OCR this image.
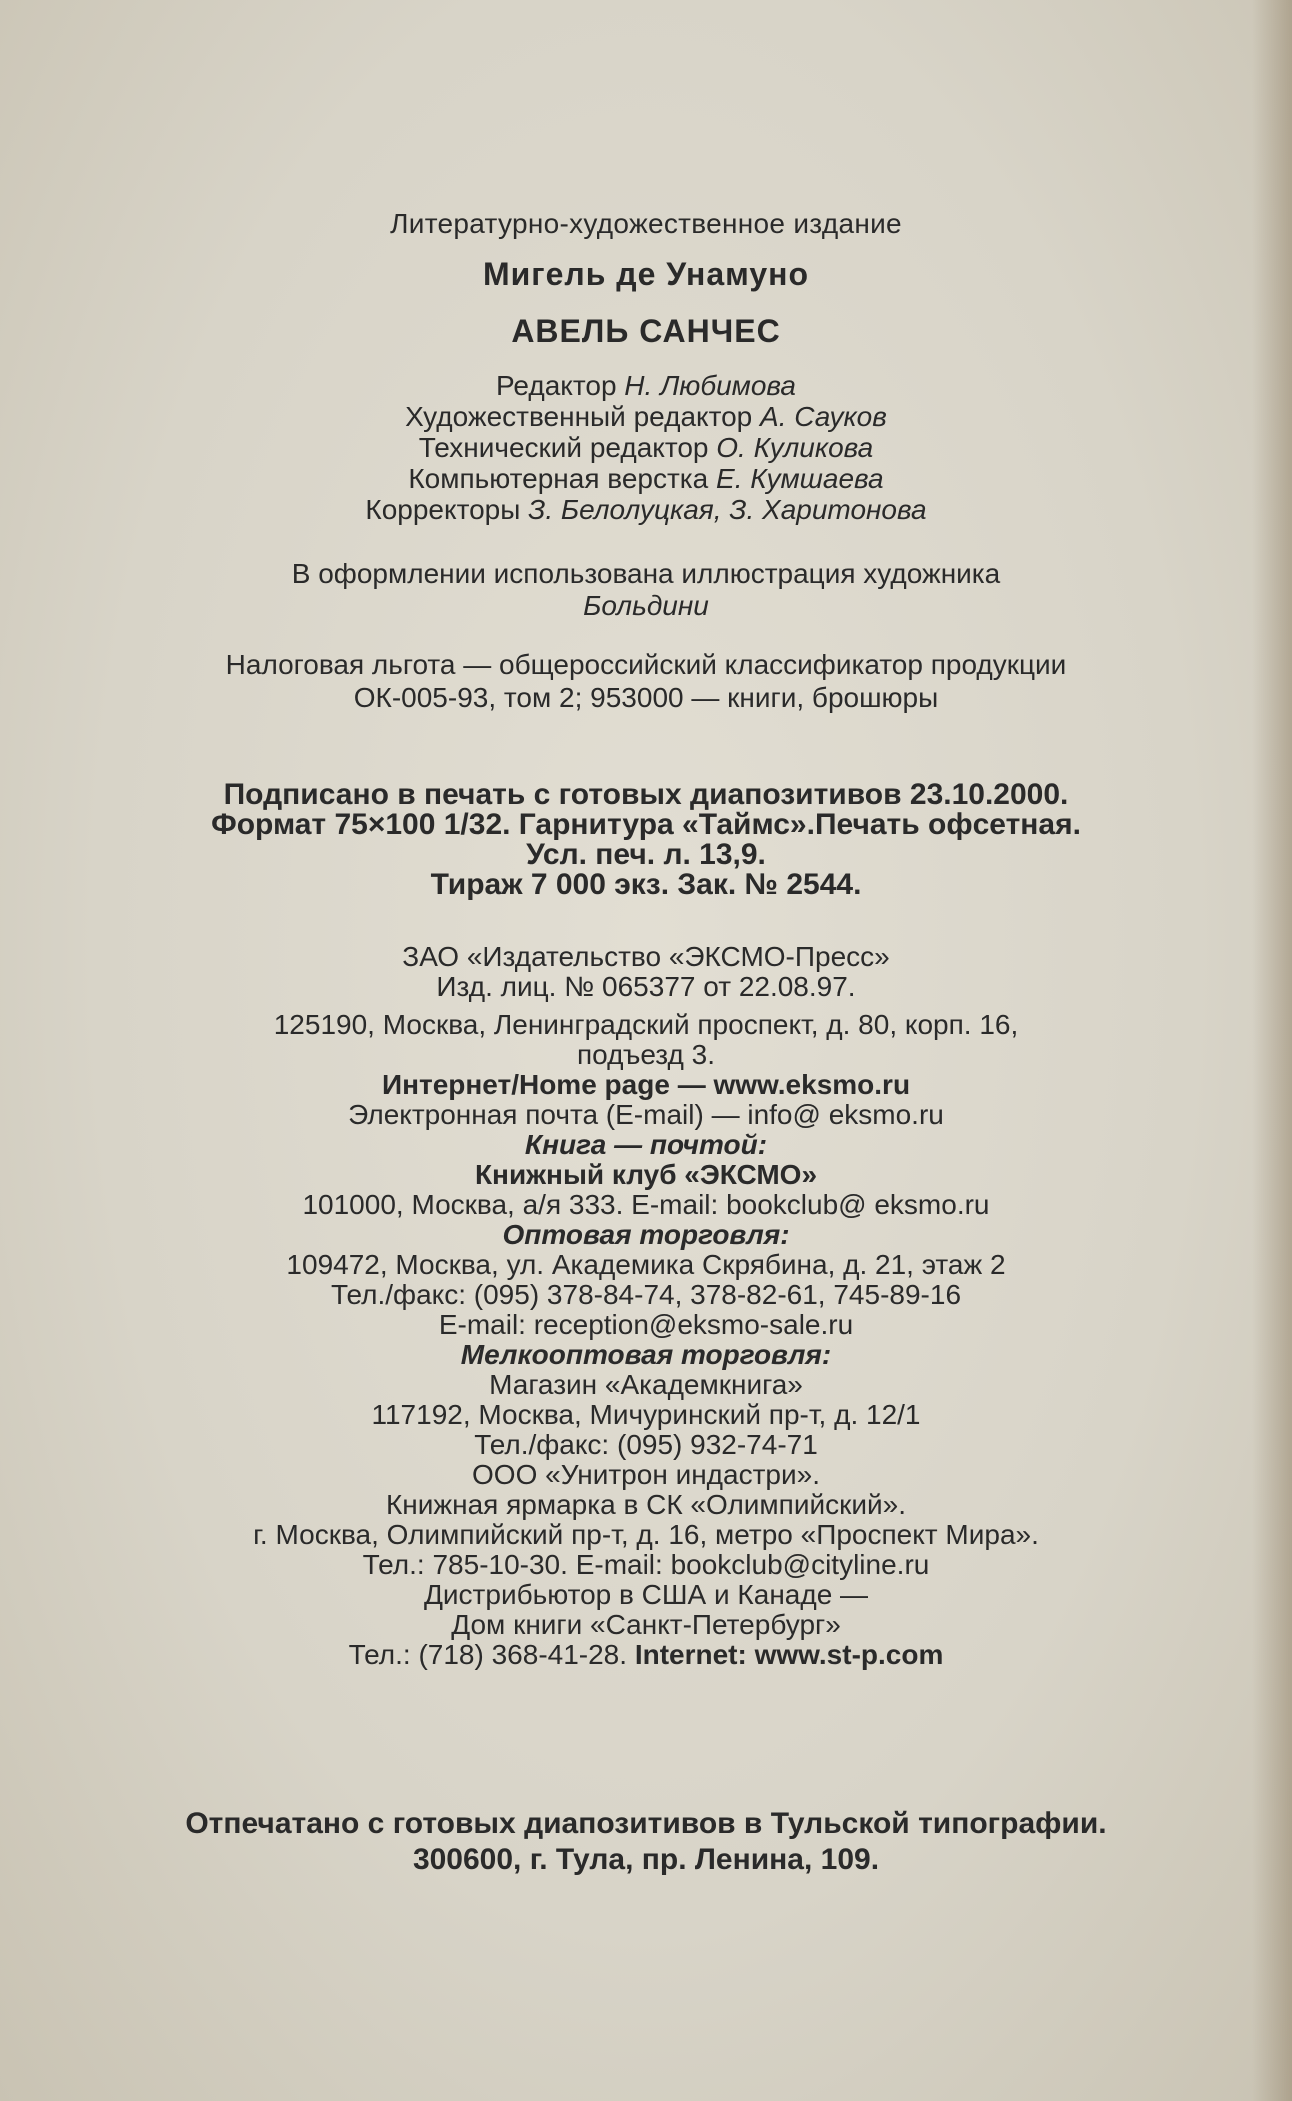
Литературно-художественное издание
Мигель де Унамуно
АВЕЛЬ САНЧЕС
Редактор Н. Любимова
Художественный редактор А. Сауков
Технический редактор О. Куликова
Компьютерная верстка Е. Кумшаева
Корректоры З. Белолуцкая, З. Харитонова
В оформлении использована иллюстрация художника
Больдини
Налоговая льгота — общероссийский классификатор продукции
ОК-005-93, том 2; 953000 — книги, брошюры
Подписано в печать с готовых диапозитивов 23.10.2000.
Формат 75×100 1/32. Гарнитура «Таймс».Печать офсетная.
Усл. печ. л. 13,9.
Тираж 7 000 экз. Зак. № 2544.
ЗАО «Издательство «ЭКСМО-Пресс»
Изд. лиц. № 065377 от 22.08.97.
125190, Москва, Ленинградский проспект, д. 80, корп. 16,
подъезд 3.
Интернет/Home page — www.eksmo.ru
Электронная почта (E-mail) — info@ eksmo.ru
Книга — почтой:
Книжный клуб «ЭКСМО»
101000, Москва, а/я 333. E-mail: bookclub@ eksmo.ru
Оптовая торговля:
109472, Москва, ул. Академика Скрябина, д. 21, этаж 2
Тел./факс: (095) 378-84-74, 378-82-61, 745-89-16
E-mail: reception@eksmo-sale.ru
Мелкооптовая торговля:
Магазин «Академкнига»
117192, Москва, Мичуринский пр-т, д. 12/1
Тел./факс: (095) 932-74-71
ООО «Унитрон индастри».
Книжная ярмарка в СК «Олимпийский».
г. Москва, Олимпийский пр-т, д. 16, метро «Проспект Мира».
Тел.: 785-10-30. E-mail: bookclub@cityline.ru
Дистрибьютор в США и Канаде —
Дом книги «Санкт-Петербург»
Тел.: (718) 368-41-28. Internet: www.st-p.com
Отпечатано с готовых диапозитивов в Тульской типографии.
300600, г. Тула, пр. Ленина, 109.
